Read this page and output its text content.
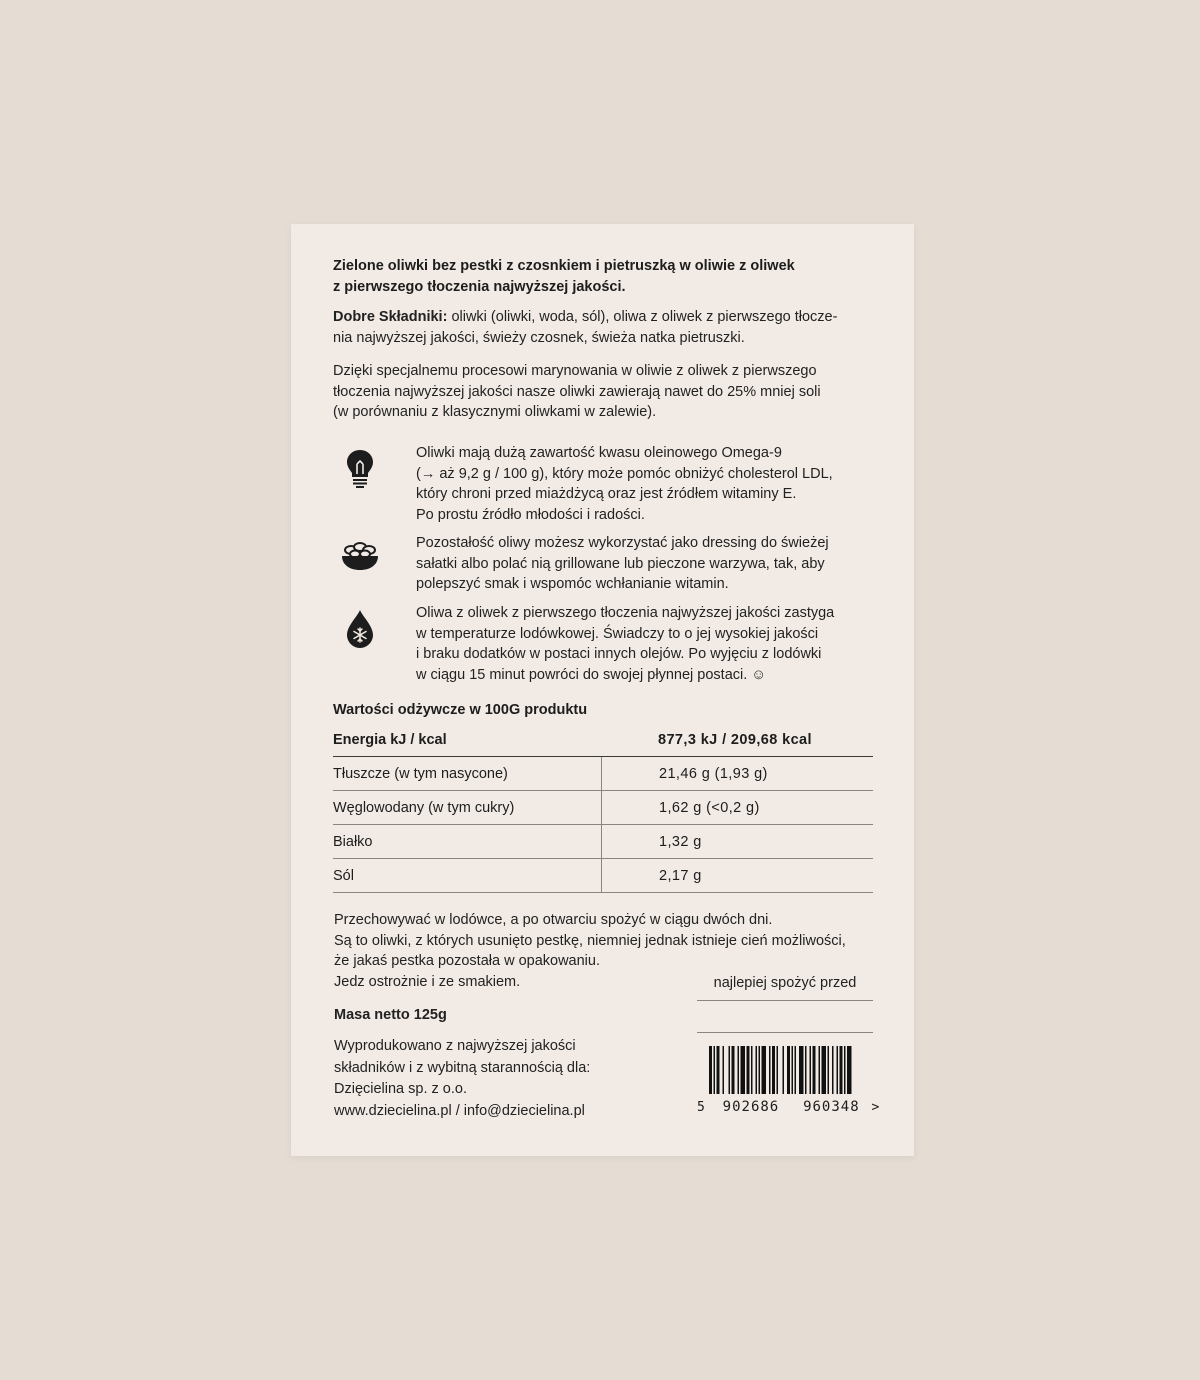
Zielone oliwki bez pestki z czosnkiem i pietruszką w oliwie z oliwek
z pierwszego tłoczenia najwyższej jakości.
Dobre Składniki: oliwki (oliwki, woda, sól), oliwa z oliwek z pierwszego tłocze-
nia najwyższej jakości, świeży czosnek, świeża natka pietruszki.
Dzięki specjalnemu procesowi marynowania w oliwie z oliwek z pierwszego
tłoczenia najwyższej jakości nasze oliwki zawierają nawet do 25% mniej soli
(w porównaniu z klasycznymi oliwkami w zalewie).
Oliwki mają dużą zawartość kwasu oleinowego Omega-9
(→ aż 9,2 g / 100 g), który może pomóc obniżyć cholesterol LDL,
który chroni przed miażdżycą oraz jest źródłem witaminy E.
Po prostu źródło młodości i radości.
Pozostałość oliwy możesz wykorzystać jako dressing do świeżej
sałatki albo polać nią grillowane lub pieczone warzywa, tak, aby
polepszyć smak i wspomóc wchłanianie witamin.
Oliwa z oliwek z pierwszego tłoczenia najwyższej jakości zastyga
w temperaturze lodówkowej. Świadczy to o jej wysokiej jakości
i braku dodatków w postaci innych olejów. Po wyjęciu z lodówki
w ciągu 15 minut powróci do swojej płynnej postaci. ☺
Wartości odżywcze w 100G produktu
Energia kJ / kcal	877,3 kJ / 209,68 kcal
Tłuszcze (w tym nasycone)	21,46 g (1,93 g)
Węglowodany (w tym cukry)	1,62 g (<0,2 g)
Białko	1,32 g
Sól	2,17 g
Przechowywać w lodówce, a po otwarciu spożyć w ciągu dwóch dni.
Są to oliwki, z których usunięto pestkę, niemniej jednak istnieje cień możliwości,
że jakaś pestka pozostała w opakowaniu.
Jedz ostrożnie i ze smakiem.	najlepiej spożyć przed
Masa netto 125g
Wyprodukowano z najwyższej jakości
składników i z wybitną starannością dla:
Dzięcielina sp. z o.o.
www.dziecielina.pl / info@dziecielina.pl	5 902686 960348 >
